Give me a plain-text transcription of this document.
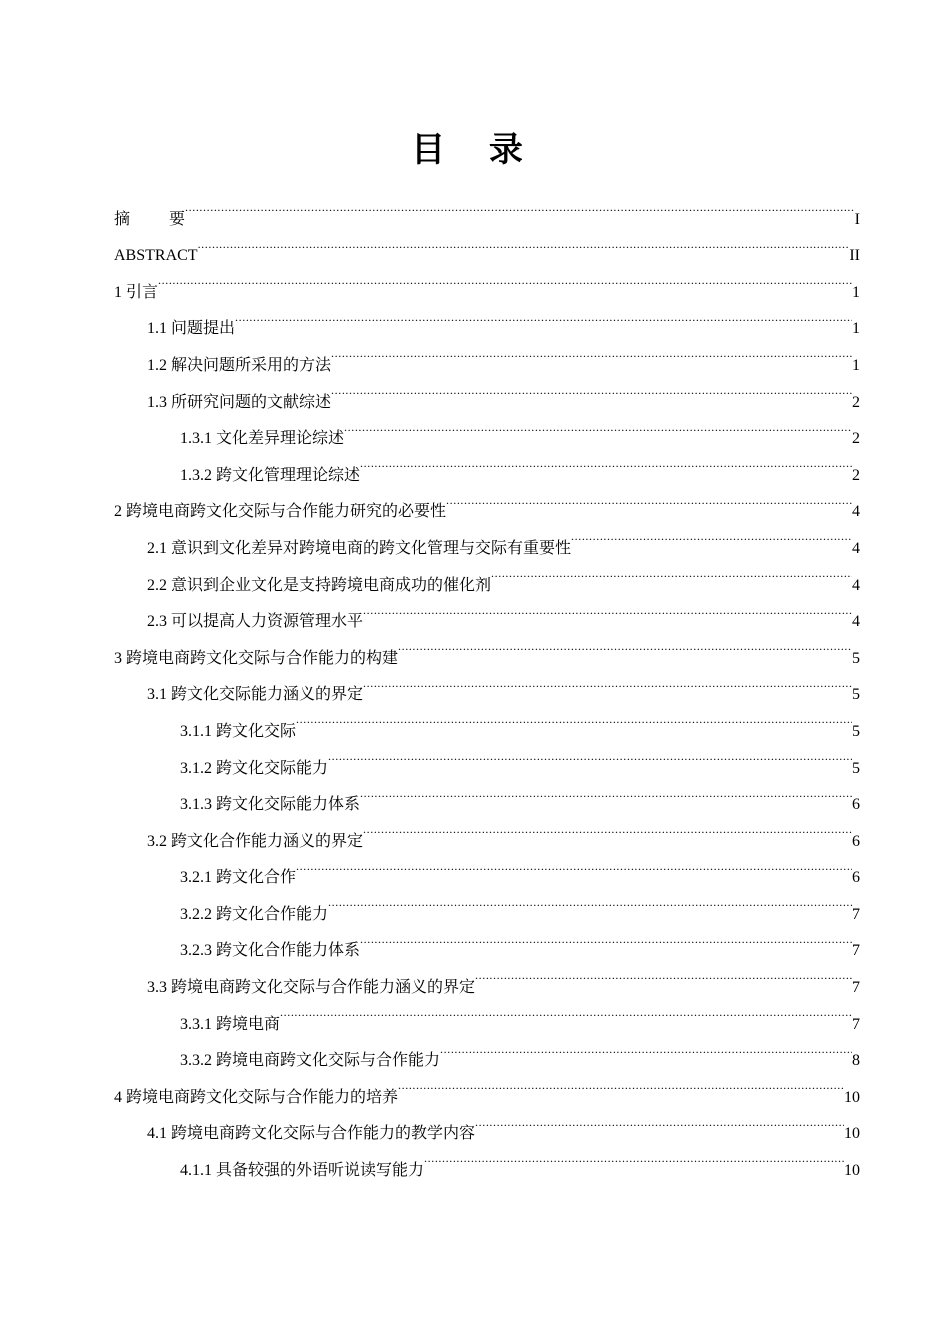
目 录
摘 要 .....	I
ABSTRACT .....	II
1 引言 .....	1
1.1 问题提出 .....	1
1.2 解决问题所采用的方法 .....	1
1.3 所研究问题的文献综述 .....	2
1.3.1 文化差异理论综述 .....	2
1.3.2 跨文化管理理论综述 .....	2
2 跨境电商跨文化交际与合作能力研究的必要性 .....	4
2.1 意识到文化差异对跨境电商的跨文化管理与交际有重要性 .....	4
2.2 意识到企业文化是支持跨境电商成功的催化剂 .....	4
2.3 可以提高人力资源管理水平 .....	4
3 跨境电商跨文化交际与合作能力的构建 .....	5
3.1 跨文化交际能力涵义的界定 .....	5
3.1.1 跨文化交际 .....	5
3.1.2 跨文化交际能力 .....	5
3.1.3 跨文化交际能力体系 .....	6
3.2 跨文化合作能力涵义的界定 .....	6
3.2.1 跨文化合作 .....	6
3.2.2 跨文化合作能力 .....	7
3.2.3 跨文化合作能力体系 .....	7
3.3 跨境电商跨文化交际与合作能力涵义的界定 .....	7
3.3.1 跨境电商 .....	7
3.3.2 跨境电商跨文化交际与合作能力 .....	8
4 跨境电商跨文化交际与合作能力的培养 .....	10
4.1 跨境电商跨文化交际与合作能力的教学内容 .....	10
4.1.1 具备较强的外语听说读写能力 .....	10
